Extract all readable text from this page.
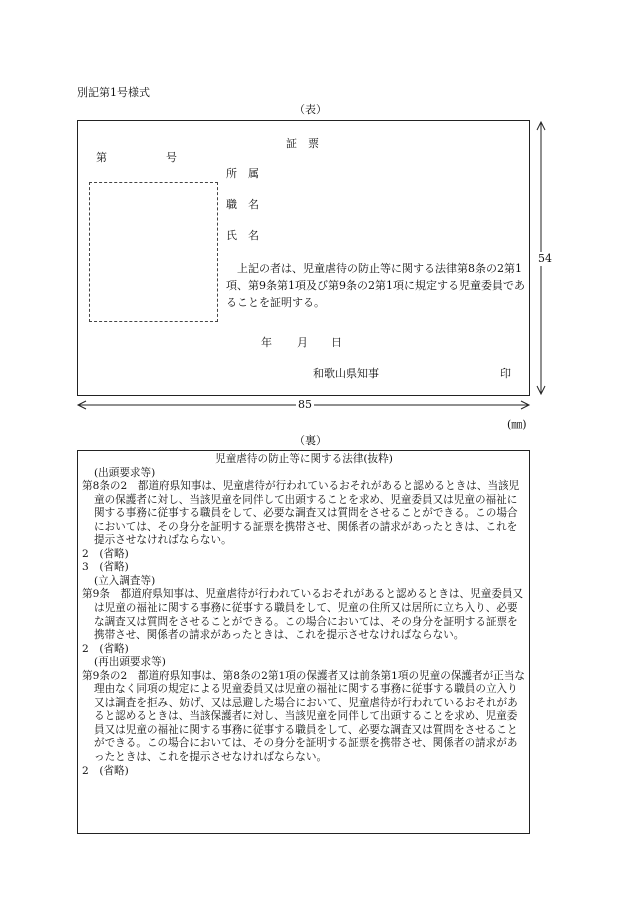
別記第1号様式
（表）
証　票
第	号
所　属
職　名
氏　名
上記の者は、児童虐待の防止等に関する法律第8条の2第1項、第9条第1項及び第9条の2第1項に規定する児童委員であることを証明する。
年 月 日
和歌山県知事	印
54
85
(㎜)
（裏）

児童虐待の防止等に関する法律(抜粋)

(出頭要求等)

第8条の2　都道府県知事は、児童虐待が行われているおそれがあると認めるときは、当該児童の保護者に対し、当該児童を同伴して出頭することを求め、児童委員又は児童の福祉に関する事務に従事する職員をして、必要な調査又は質問をさせることができる。この場合においては、その身分を証明する証票を携帯させ、関係者の請求があったときは、これを提示させなければならない。

2　(省略)

3　(省略)

(立入調査等)

第9条　都道府県知事は、児童虐待が行われているおそれがあると認めるときは、児童委員又は児童の福祉に関する事務に従事する職員をして、児童の住所又は居所に立ち入り、必要な調査又は質問をさせることができる。この場合においては、その身分を証明する証票を携帯させ、関係者の請求があったときは、これを提示させなければならない。

2　(省略)

(再出頭要求等)

第9条の2　都道府県知事は、第8条の2第1項の保護者又は前条第1項の児童の保護者が正当な理由なく同項の規定による児童委員又は児童の福祉に関する事務に従事する職員の立入り又は調査を拒み、妨げ、又は忌避した場合において、児童虐待が行われているおそれがあると認めるときは、当該保護者に対し、当該児童を同伴して出頭することを求め、児童委員又は児童の福祉に関する事務に従事する職員をして、必要な調査又は質問をさせることができる。この場合においては、その身分を証明する証票を携帯させ、関係者の請求があったときは、これを提示させなければならない。

2　(省略)
